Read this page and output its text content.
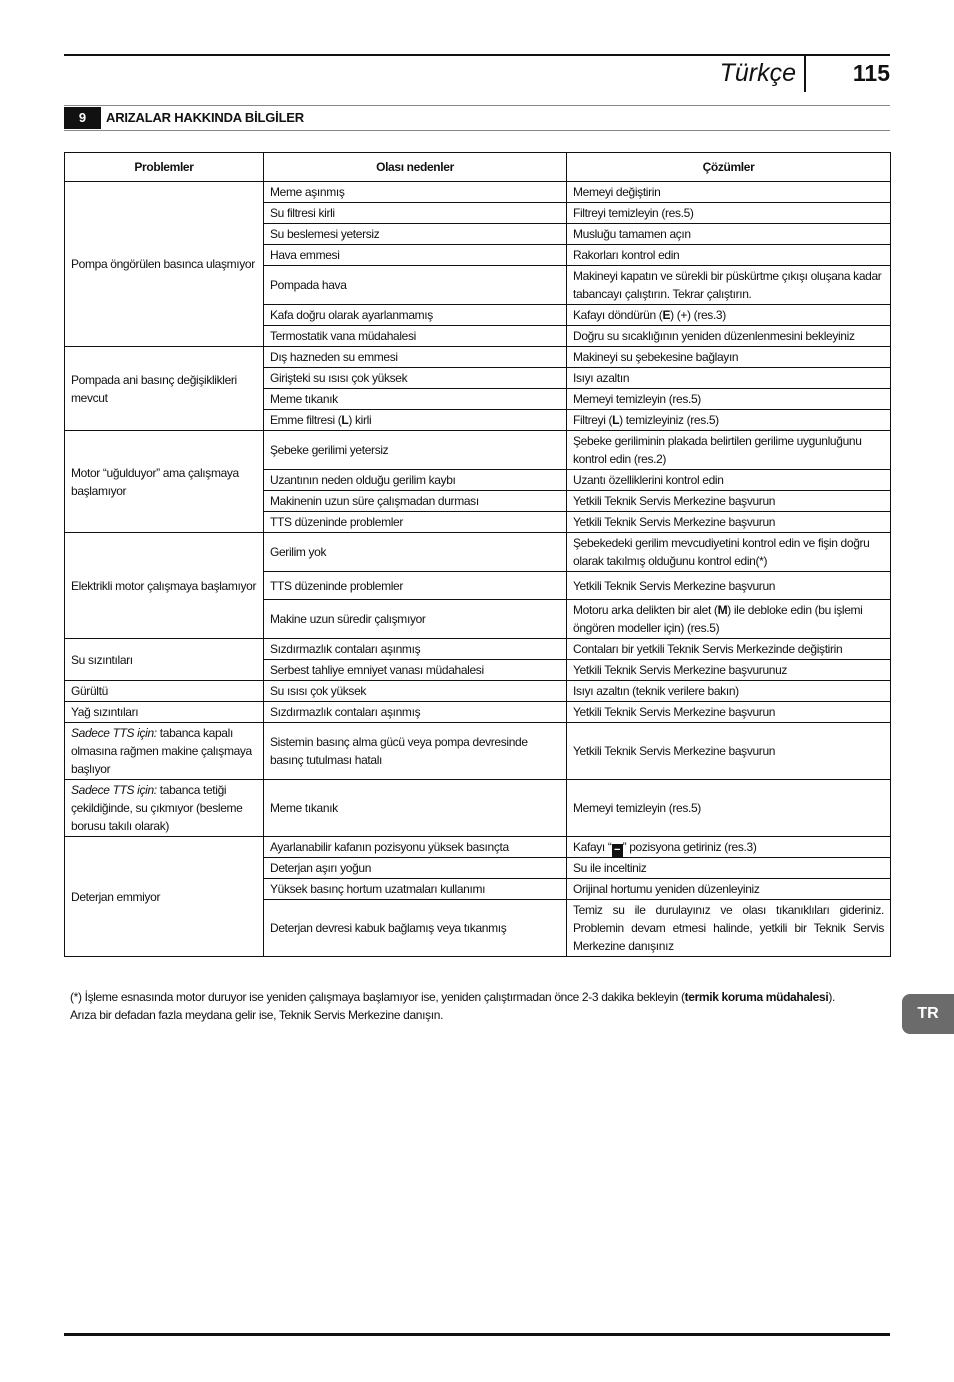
Türkçe	115
9	ARIZALAR HAKKINDA BİLGİLER
Problemler	Olası nedenler	Çözümler
Pompa öngörülen basınca ulaşmıyor	Meme aşınmış	Memeyi değiştirin
	Su filtresi kirli	Filtreyi temizleyin (res.5)
	Su beslemesi yetersiz	Musluğu tamamen açın
	Hava emmesi	Rakorları kontrol edin
	Pompada hava	Makineyi kapatın ve sürekli bir püskürtme çıkışı oluşana kadar tabancayı çalıştırın. Tekrar çalıştırın.
	Kafa doğru olarak ayarlanmamış	Kafayı döndürün (E) (+) (res.3)
	Termostatik vana müdahalesi	Doğru su sıcaklığının yeniden düzenlenmesini bekleyiniz
Pompada ani basınç değişiklikleri mevcut	Dış hazneden su emmesi	Makineyi su şebekesine bağlayın
	Girişteki su ısısı çok yüksek	Isıyı azaltın
	Meme tıkanık	Memeyi temizleyin (res.5)
	Emme filtresi (L) kirli	Filtreyi (L) temizleyiniz (res.5)
Motor “uğulduyor” ama çalışmaya başlamıyor	Şebeke gerilimi yetersiz	Şebeke geriliminin plakada belirtilen gerilime uygunluğunu kontrol edin (res.2)
	Uzantının neden olduğu gerilim kaybı	Uzantı özelliklerini kontrol edin
	Makinenin uzun süre çalışmadan durması	Yetkili Teknik Servis Merkezine başvurun
	TTS düzeninde problemler	Yetkili Teknik Servis Merkezine başvurun
Elektrikli motor çalışmaya başlamıyor	Gerilim yok	Şebekedeki gerilim mevcudiyetini kontrol edin ve fişin doğru olarak takılmış olduğunu kontrol edin(*)
	TTS düzeninde problemler	Yetkili Teknik Servis Merkezine başvurun
	Makine uzun süredir çalışmıyor	Motoru arka delikten bir alet (M) ile debloke edin (bu işlemi öngören modeller için) (res.5)
Su sızıntıları	Sızdırmazlık contaları aşınmış	Contaları bir yetkili Teknik Servis Merkezinde değiştirin
	Serbest tahliye emniyet vanası müdahalesi	Yetkili Teknik Servis Merkezine başvurunuz
Gürültü	Su ısısı çok yüksek	Isıyı azaltın (teknik verilere bakın)
Yağ sızıntıları	Sızdırmazlık contaları aşınmış	Yetkili Teknik Servis Merkezine başvurun
Sadece TTS için: tabanca kapalı olmasına rağmen makine çalışmaya başlıyor	Sistemin basınç alma gücü veya pompa devresinde basınç tutulması hatalı	Yetkili Teknik Servis Merkezine başvurun
Sadece TTS için: tabanca tetiği çekildiğinde, su çıkmıyor (besleme borusu takılı olarak)	Meme tıkanık	Memeyi temizleyin (res.5)
Deterjan emmiyor	Ayarlanabilir kafanın pozisyonu yüksek basınçta	Kafayı “ − ” pozisyona getiriniz (res.3)
	Deterjan aşırı yoğun	Su ile inceltiniz
	Yüksek basınç hortum uzatmaları kullanımı	Orijinal hortumu yeniden düzenleyiniz
	Deterjan devresi kabuk bağlamış veya tıkanmış	Temiz su ile durulayınız ve olası tıkanıklıları gideriniz. Problemin devam etmesi halinde, yetkili bir Teknik Servis Merkezine danışınız
(*) İşleme esnasında motor duruyor ise yeniden çalışmaya başlamıyor ise, yeniden çalıştırmadan önce 2-3 dakika bekleyin (termik koruma müdahalesi).
Arıza bir defadan fazla meydana gelir ise, Teknik Servis Merkezine danışın.	TR
